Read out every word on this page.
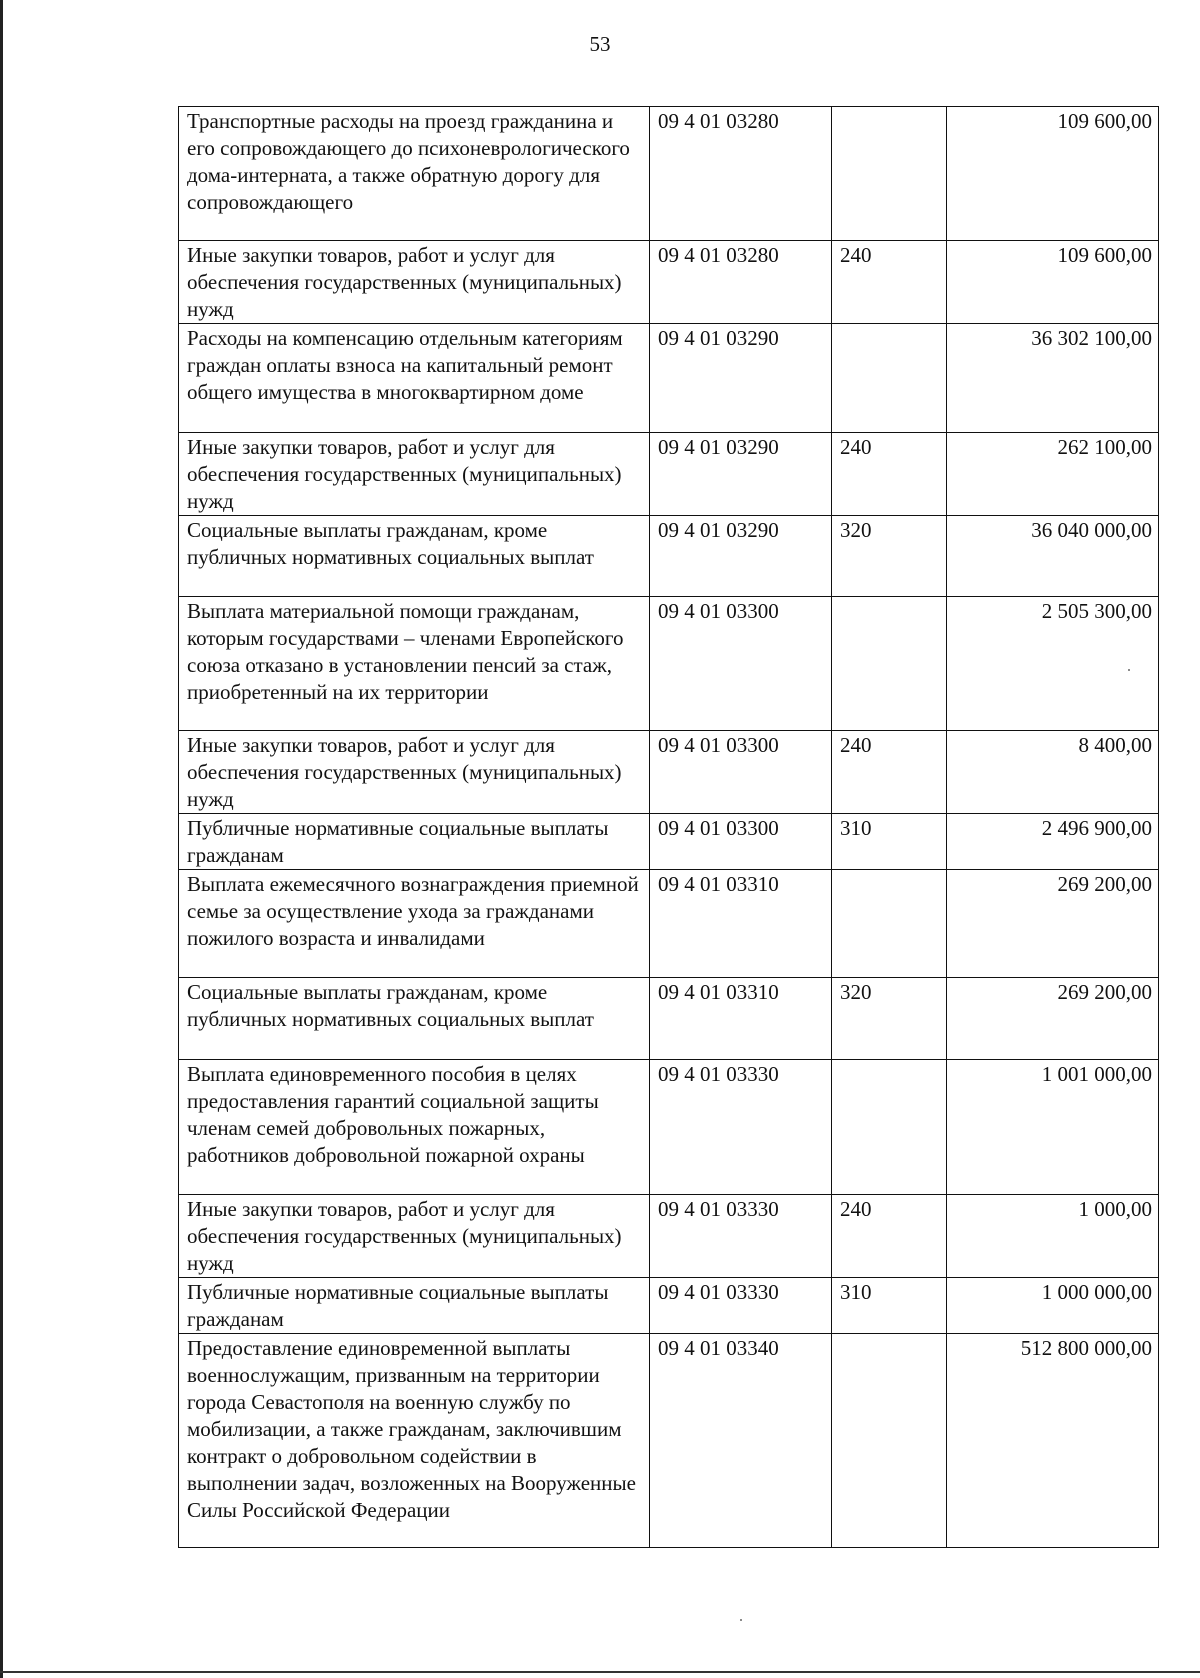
53
Транспортные расходы на проезд гражданина и его сопровождающего до психоневрологического дома-интерната, а также обратную дорогу для сопровождающего	09 4 01 03280		109 600,00
Иные закупки товаров, работ и услуг для обеспечения государственных (муниципальных) нужд	09 4 01 03280	240	109 600,00
Расходы на компенсацию отдельным категориям граждан оплаты взноса на капитальный ремонт общего имущества в многоквартирном доме	09 4 01 03290		36 302 100,00
Иные закупки товаров, работ и услуг для обеспечения государственных (муниципальных) нужд	09 4 01 03290	240	262 100,00
Социальные выплаты гражданам, кроме публичных нормативных социальных выплат	09 4 01 03290	320	36 040 000,00
Выплата материальной помощи гражданам, которым государствами – членами Европейского союза отказано в установлении пенсий за стаж, приобретенный на их территории	09 4 01 03300		2 505 300,00
Иные закупки товаров, работ и услуг для обеспечения государственных (муниципальных) нужд	09 4 01 03300	240	8 400,00
Публичные нормативные социальные выплаты гражданам	09 4 01 03300	310	2 496 900,00
Выплата ежемесячного вознаграждения приемной семье за осуществление ухода за гражданами пожилого возраста и инвалидами	09 4 01 03310		269 200,00
Социальные выплаты гражданам, кроме публичных нормативных социальных выплат	09 4 01 03310	320	269 200,00
Выплата единовременного пособия в целях предоставления гарантий социальной защиты членам семей добровольных пожарных, работников добровольной пожарной охраны	09 4 01 03330		1 001 000,00
Иные закупки товаров, работ и услуг для обеспечения государственных (муниципальных) нужд	09 4 01 03330	240	1 000,00
Публичные нормативные социальные выплаты гражданам	09 4 01 03330	310	1 000 000,00
Предоставление единовременной выплаты военнослужащим, призванным на территории города Севастополя на военную службу по мобилизации, а также гражданам, заключившим контракт о добровольном содействии в выполнении задач, возложенных на Вооруженные Силы Российской Федерации	09 4 01 03340		512 800 000,00
